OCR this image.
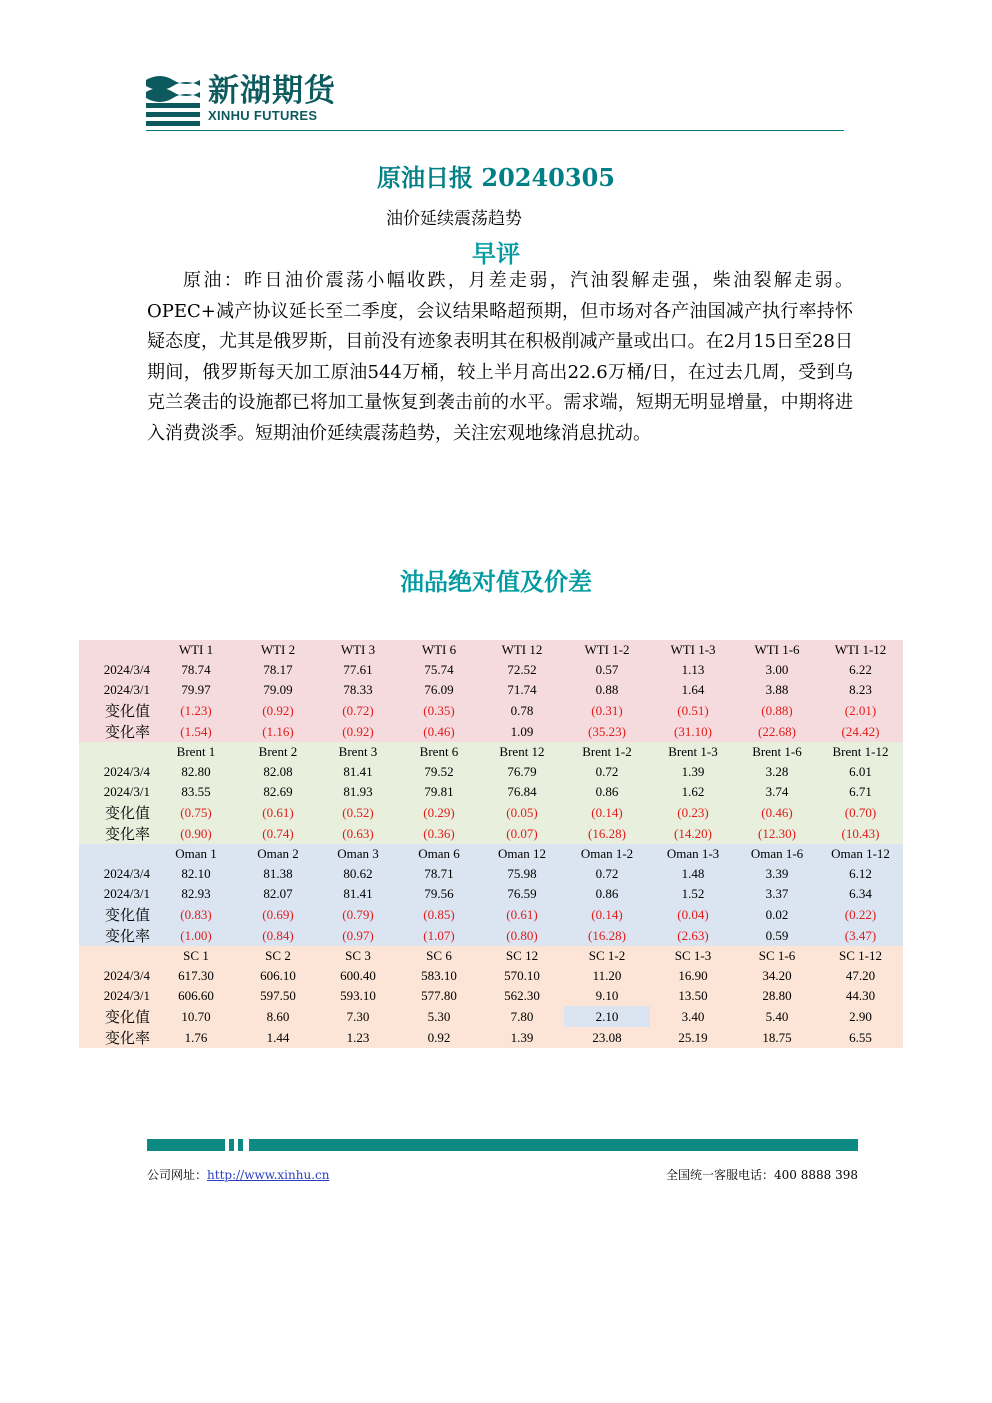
新湖期货
XINHU FUTURES
原油日报 20240305
油价延续震荡趋势
早评
原油：昨日油价震荡小幅收跌，月差走弱，汽油裂解走强，柴油裂解走弱。OPEC+减产协议延长至二季度，会议结果略超预期，但市场对各产油国减产执行率持怀疑态度，尤其是俄罗斯，目前没有迹象表明其在积极削减产量或出口。在2月15日至28日期间，俄罗斯每天加工原油544万桶，较上半月高出22.6万桶/日，在过去几周，受到乌克兰袭击的设施都已将加工量恢复到袭击前的水平。需求端，短期无明显增量，中期将进入消费淡季。短期油价延续震荡趋势，关注宏观地缘消息扰动。
油品绝对值及价差
	WTI 1	WTI 2	WTI 3	WTI 6	WTI 12	WTI 1-2	WTI 1-3	WTI 1-6	WTI 1-12
2024/3/4	78.74	78.17	77.61	75.74	72.52	0.57	1.13	3.00	6.22
2024/3/1	79.97	79.09	78.33	76.09	71.74	0.88	1.64	3.88	8.23
变化值	(1.23)	(0.92)	(0.72)	(0.35)	0.78	(0.31)	(0.51)	(0.88)	(2.01)
变化率	(1.54)	(1.16)	(0.92)	(0.46)	1.09	(35.23)	(31.10)	(22.68)	(24.42)
	Brent 1	Brent 2	Brent 3	Brent 6	Brent 12	Brent 1-2	Brent 1-3	Brent 1-6	Brent 1-12
2024/3/4	82.80	82.08	81.41	79.52	76.79	0.72	1.39	3.28	6.01
2024/3/1	83.55	82.69	81.93	79.81	76.84	0.86	1.62	3.74	6.71
变化值	(0.75)	(0.61)	(0.52)	(0.29)	(0.05)	(0.14)	(0.23)	(0.46)	(0.70)
变化率	(0.90)	(0.74)	(0.63)	(0.36)	(0.07)	(16.28)	(14.20)	(12.30)	(10.43)
	Oman 1	Oman 2	Oman 3	Oman 6	Oman 12	Oman 1-2	Oman 1-3	Oman 1-6	Oman 1-12
2024/3/4	82.10	81.38	80.62	78.71	75.98	0.72	1.48	3.39	6.12
2024/3/1	82.93	82.07	81.41	79.56	76.59	0.86	1.52	3.37	6.34
变化值	(0.83)	(0.69)	(0.79)	(0.85)	(0.61)	(0.14)	(0.04)	0.02	(0.22)
变化率	(1.00)	(0.84)	(0.97)	(1.07)	(0.80)	(16.28)	(2.63)	0.59	(3.47)
	SC 1	SC 2	SC 3	SC 6	SC 12	SC 1-2	SC 1-3	SC 1-6	SC 1-12
2024/3/4	617.30	606.10	600.40	583.10	570.10	11.20	16.90	34.20	47.20
2024/3/1	606.60	597.50	593.10	577.80	562.30	9.10	13.50	28.80	44.30
变化值	10.70	8.60	7.30	5.30	7.80	2.10	3.40	5.40	2.90
变化率	1.76	1.44	1.23	0.92	1.39	23.08	25.19	18.75	6.55
公司网址：http://www.xinhu.cn	全国统一客服电话：400 8888 398
